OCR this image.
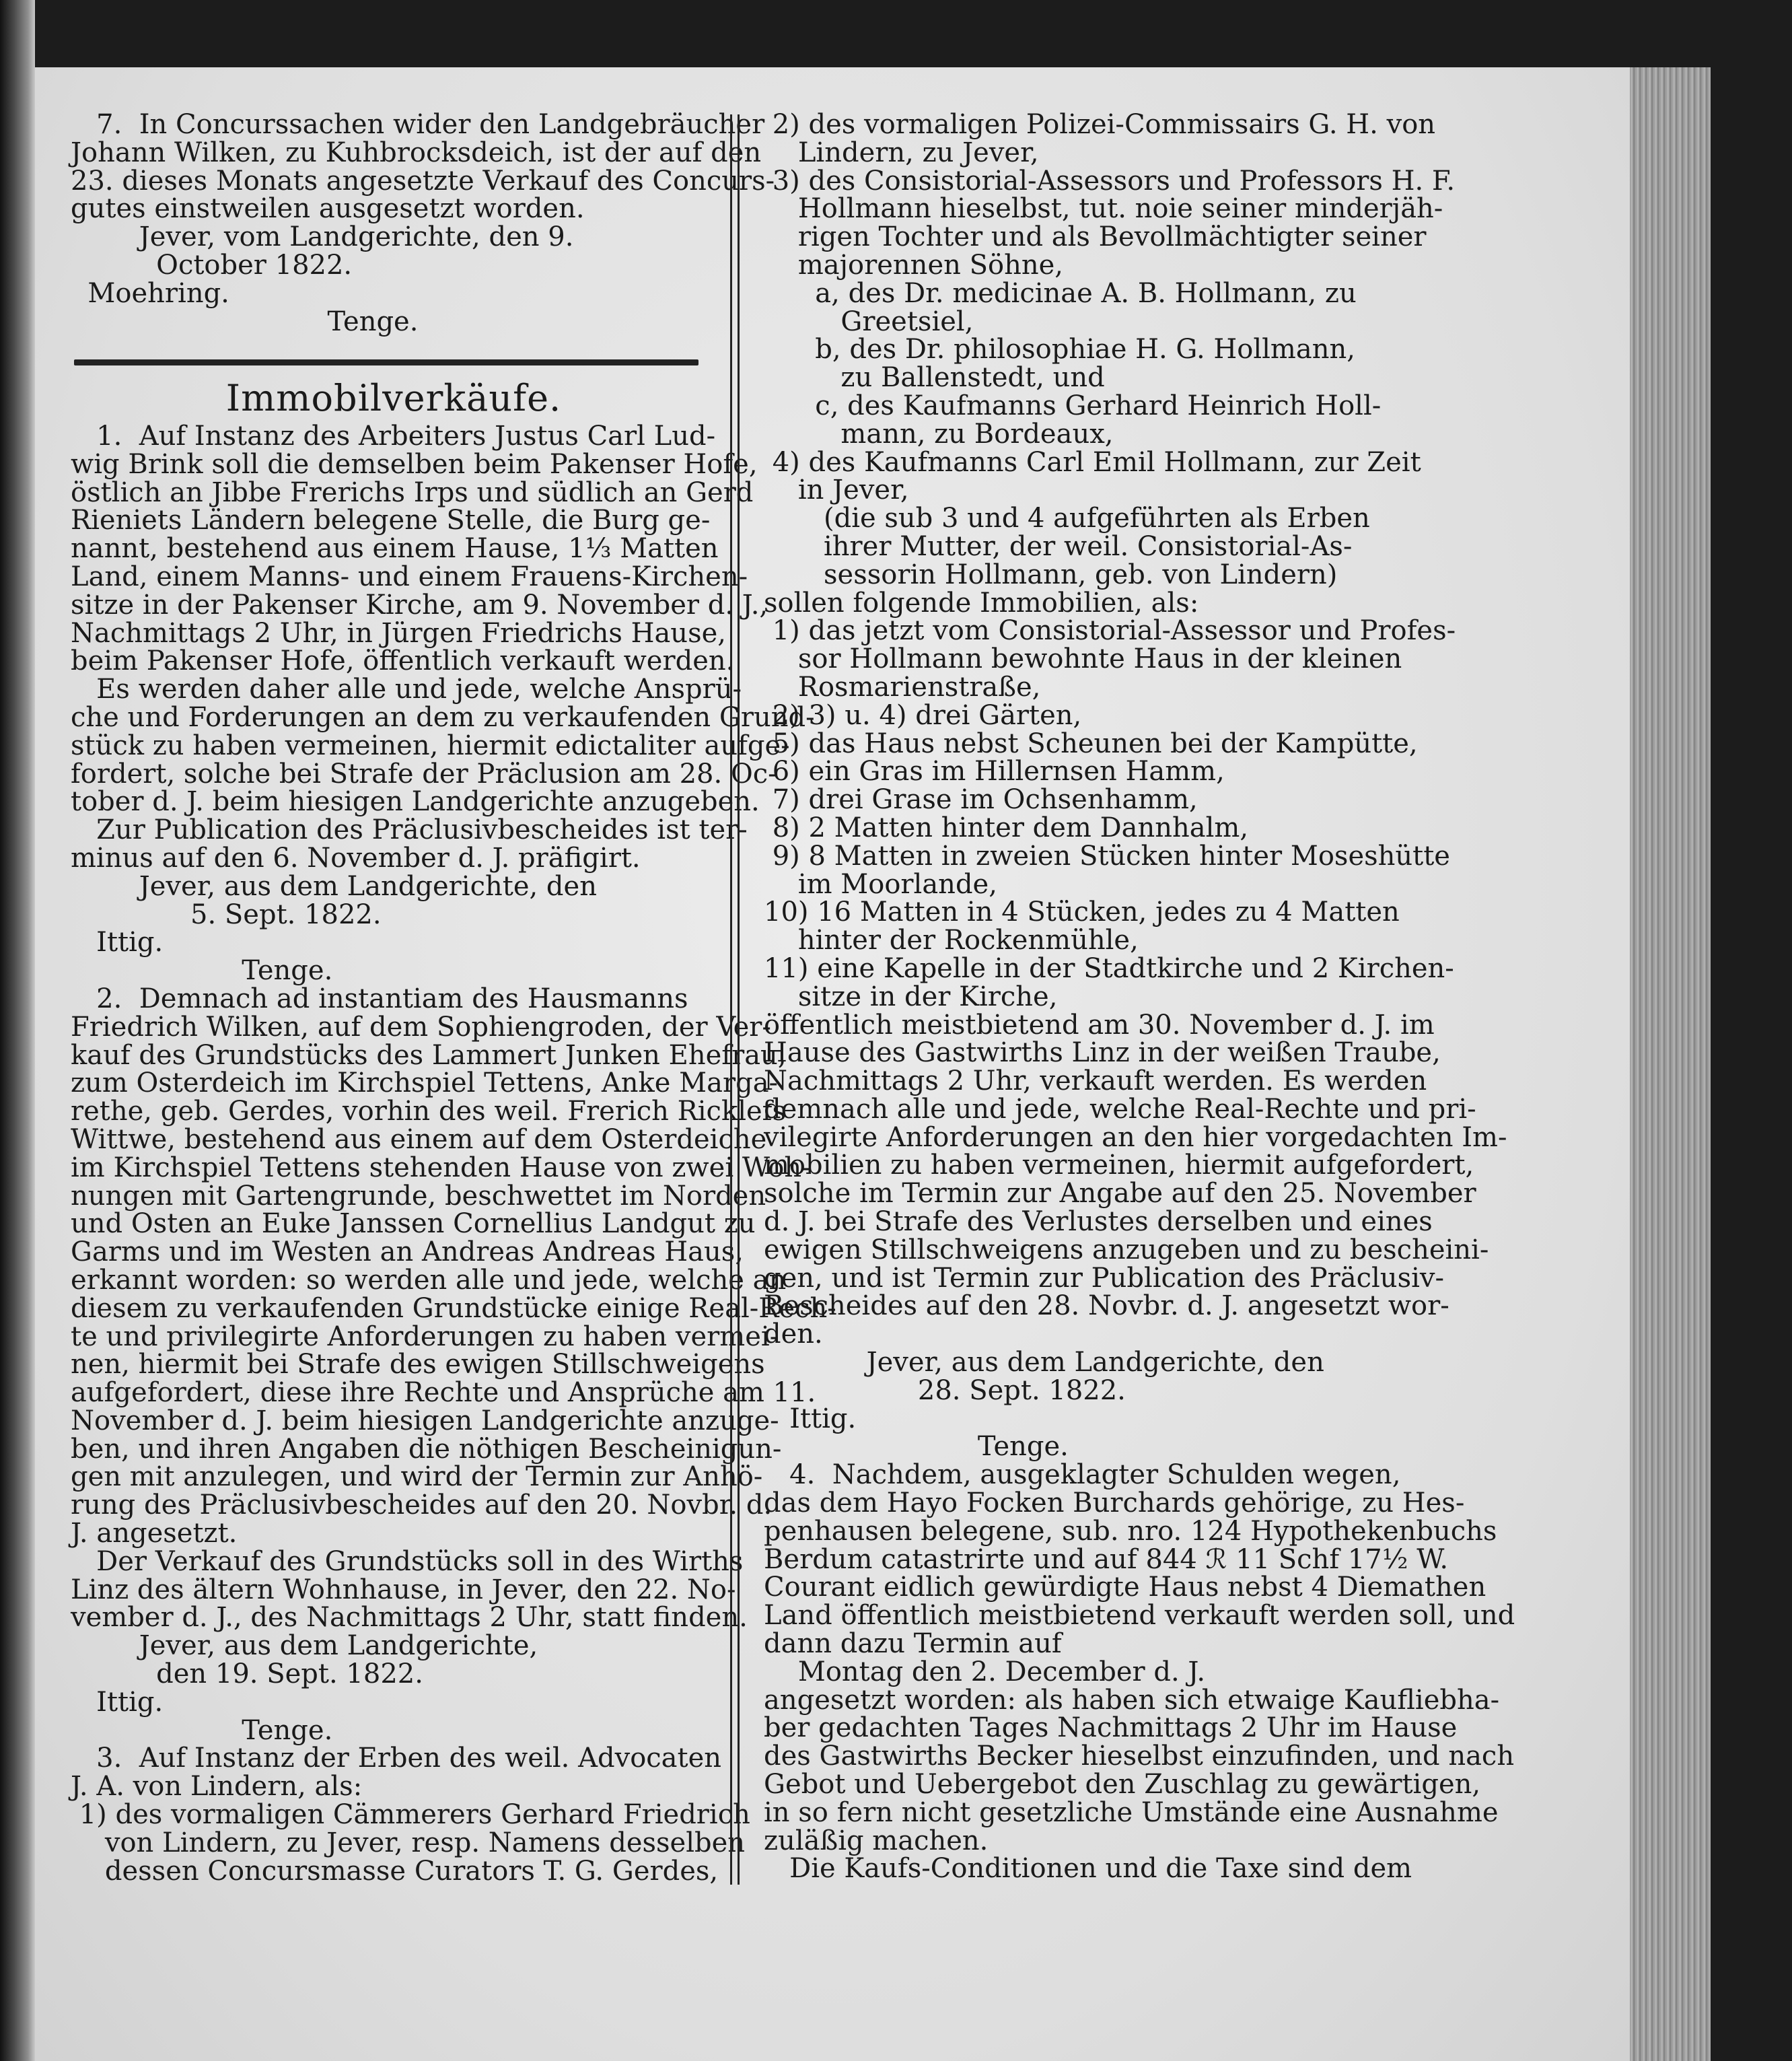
7.  In Concurssachen wider den Landgebräucher
Johann Wilken, zu Kuhbrocksdeich, ist der auf den
23. dieses Monats angesetzte Verkauf des Concurs-
gutes einstweilen ausgesetzt worden.
Jever, vom Landgerichte, den 9.
October 1822.
Moehring.
Tenge.
Immobilverkäufe.
1.  Auf Instanz des Arbeiters Justus Carl Lud-
wig Brink soll die demselben beim Pakenser Hofe,
östlich an Jibbe Frerichs Irps und südlich an Gerd
Rieniets Ländern belegene Stelle, die Burg ge-
nannt, bestehend aus einem Hause, 1⅓ Matten
Land, einem Manns- und einem Frauens-Kirchen-
sitze in der Pakenser Kirche, am 9. November d. J.,
Nachmittags 2 Uhr, in Jürgen Friedrichs Hause,
beim Pakenser Hofe, öffentlich verkauft werden.
Es werden daher alle und jede, welche Ansprü-
che und Forderungen an dem zu verkaufenden Grund-
stück zu haben vermeinen, hiermit edictaliter aufge-
fordert, solche bei Strafe der Präclusion am 28. Oc-
tober d. J. beim hiesigen Landgerichte anzugeben.
Zur Publication des Präclusivbescheides ist ter-
minus auf den 6. November d. J. präfigirt.
Jever, aus dem Landgerichte, den
5. Sept. 1822.
Ittig.
Tenge.
2.  Demnach ad instantiam des Hausmanns
Friedrich Wilken, auf dem Sophiengroden, der Ver-
kauf des Grundstücks des Lammert Junken Ehefrau,
zum Osterdeich im Kirchspiel Tettens, Anke Marga-
rethe, geb. Gerdes, vorhin des weil. Frerich Ricklefs
Wittwe, bestehend aus einem auf dem Osterdeiche
im Kirchspiel Tettens stehenden Hause von zwei Woh-
nungen mit Gartengrunde, beschwettet im Norden
und Osten an Euke Janssen Cornellius Landgut zu
Garms und im Westen an Andreas Andreas Haus,
erkannt worden: so werden alle und jede, welche an
diesem zu verkaufenden Grundstücke einige Real-Rech-
te und privilegirte Anforderungen zu haben vermei-
nen, hiermit bei Strafe des ewigen Stillschweigens
aufgefordert, diese ihre Rechte und Ansprüche am 11.
November d. J. beim hiesigen Landgerichte anzuge-
ben, und ihren Angaben die nöthigen Bescheinigun-
gen mit anzulegen, und wird der Termin zur Anhö-
rung des Präclusivbescheides auf den 20. Novbr. d.
J. angesetzt.
Der Verkauf des Grundstücks soll in des Wirths
Linz des ältern Wohnhause, in Jever, den 22. No-
vember d. J., des Nachmittags 2 Uhr, statt finden.
Jever, aus dem Landgerichte,
den 19. Sept. 1822.
Ittig.
Tenge.
3.  Auf Instanz der Erben des weil. Advocaten
J. A. von Lindern, als:
1) des vormaligen Cämmerers Gerhard Friedrich
von Lindern, zu Jever, resp. Namens desselben
dessen Concursmasse Curators T. G. Gerdes,
2) des vormaligen Polizei-Commissairs G. H. von
Lindern, zu Jever,
3) des Consistorial-Assessors und Professors H. F.
Hollmann hieselbst, tut. noie seiner minderjäh-
rigen Tochter und als Bevollmächtigter seiner
majorennen Söhne,
a, des Dr. medicinae A. B. Hollmann, zu
Greetsiel,
b, des Dr. philosophiae H. G. Hollmann,
zu Ballenstedt, und
c, des Kaufmanns Gerhard Heinrich Holl-
mann, zu Bordeaux,
4) des Kaufmanns Carl Emil Hollmann, zur Zeit
in Jever,
(die sub 3 und 4 aufgeführten als Erben
ihrer Mutter, der weil. Consistorial-As-
sessorin Hollmann, geb. von Lindern)
sollen folgende Immobilien, als:
1) das jetzt vom Consistorial-Assessor und Profes-
sor Hollmann bewohnte Haus in der kleinen
Rosmarienstraße,
2) 3) u. 4) drei Gärten,
5) das Haus nebst Scheunen bei der Kampütte,
6) ein Gras im Hillernsen Hamm,
7) drei Grase im Ochsenhamm,
8) 2 Matten hinter dem Dannhalm,
9) 8 Matten in zweien Stücken hinter Moseshütte
im Moorlande,
10) 16 Matten in 4 Stücken, jedes zu 4 Matten
hinter der Rockenmühle,
11) eine Kapelle in der Stadtkirche und 2 Kirchen-
sitze in der Kirche,
öffentlich meistbietend am 30. November d. J. im
Hause des Gastwirths Linz in der weißen Traube,
Nachmittags 2 Uhr, verkauft werden. Es werden
demnach alle und jede, welche Real-Rechte und pri-
vilegirte Anforderungen an den hier vorgedachten Im-
mobilien zu haben vermeinen, hiermit aufgefordert,
solche im Termin zur Angabe auf den 25. November
d. J. bei Strafe des Verlustes derselben und eines
ewigen Stillschweigens anzugeben und zu bescheini-
gen, und ist Termin zur Publication des Präclusiv-
Bescheides auf den 28. Novbr. d. J. angesetzt wor-
den.
Jever, aus dem Landgerichte, den
28. Sept. 1822.
Ittig.
Tenge.
4.  Nachdem, ausgeklagter Schulden wegen,
das dem Hayo Focken Burchards gehörige, zu Hes-
penhausen belegene, sub. nro. 124 Hypothekenbuchs
Berdum catastrirte und auf 844 ℛ 11 Schf 17½ W.
Courant eidlich gewürdigte Haus nebst 4 Diemathen
Land öffentlich meistbietend verkauft werden soll, und
dann dazu Termin auf
Montag den 2. December d. J.
angesetzt worden: als haben sich etwaige Kaufliebha-
ber gedachten Tages Nachmittags 2 Uhr im Hause
des Gastwirths Becker hieselbst einzufinden, und nach
Gebot und Uebergebot den Zuschlag zu gewärtigen,
in so fern nicht gesetzliche Umstände eine Ausnahme
zuläßig machen.
Die Kaufs-Conditionen und die Taxe sind dem
